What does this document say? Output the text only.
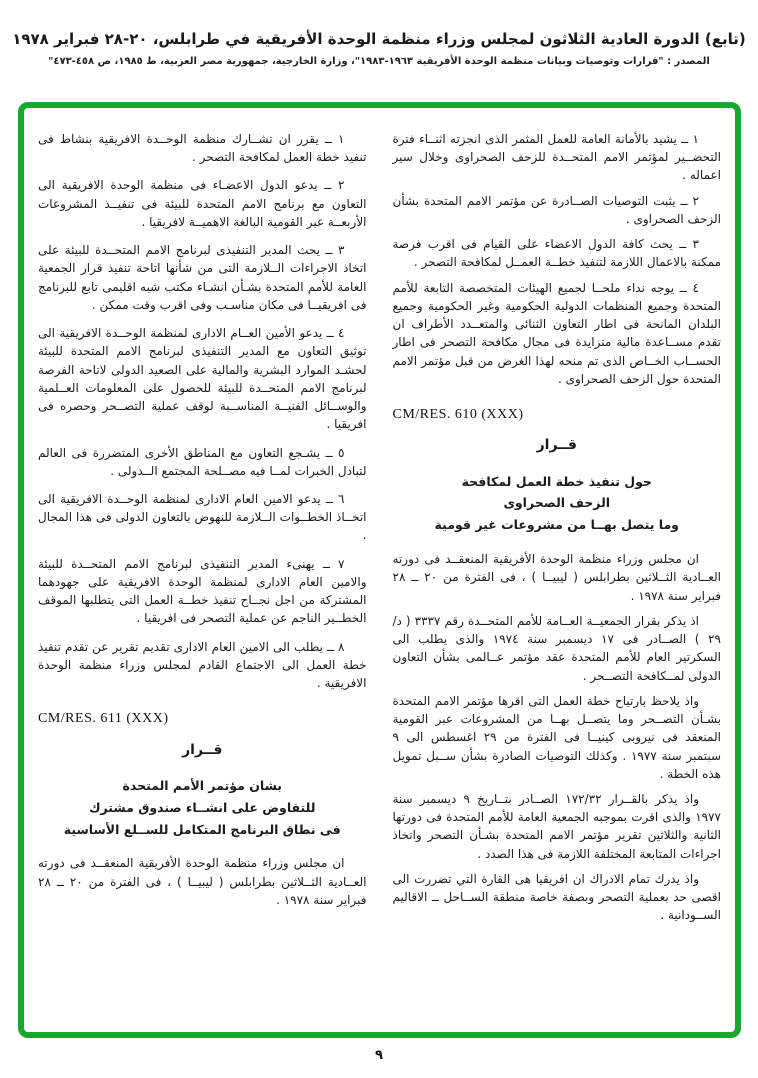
(تابع) الدورة العادية الثلاثون لمجلس وزراء منظمة الوحدة الأفريقية في طرابلس، ٢٠-٢٨ فبراير ١٩٧٨
المصدر : "قرارات وتوصيات وبيانات منظمة الوحدة الأفريقية ١٩٦٣-١٩٨٣"، وزارة الخارجية، جمهورية مصر العربية، ط ١٩٨٥، ص ٤٥٨-٤٧٣"

١ ــ يشيد بالأمانة العامة للعمل المثمر الذى انجزته اثنــاء فترة التحضــير لمؤتمر الامم المتحــدة للزحف الصحراوى وخلال سير اعماله .

٢ ــ يثبت التوصيات الصــادرة عن مؤتمر الامم المتحدة بشأن الزحف الصحراوى .

٣ ــ يحث كافة الدول الاعضاء على القيام فى اقرب فرصة ممكنة بالاعمال اللازمة لتنفيذ خطــة العمــل لمكافحة التصحر .

٤ ــ يوجه نداء ملحــا لجميع الهيئات المتخصصة التابعة للأمم المتحدة وجميع المنظمات الدولية الحكومية وغير الحكومية وجميع البلدان المانحة فى اطار التعاون الثنائى والمتعــدد الأطراف ان تقدم مســاعدة مالية متزايدة فى مجال مكافحة التصحر فى اطار الحســاب الخــاص الذى تم منحه لهذا الغرض من قبل مؤتمر الامم المتحدة حول الزحف الصحراوى .

CM/RES. 610 (XXX)
قــرار
حول تنفيذ خطة العمل لمكافحة
الزحف الصحراوى
وما يتصل بهــا من مشروعات غير قومية

ان مجلس وزراء منظمة الوحدة الأفريقية المنعقــد فى دورته العــادية الثــلاثين بطرابلس ( ليبيــا ) ، فى الفترة من ٢٠ ــ ٢٨ فبراير سنة ١٩٧٨ .

اذ يذكر بقرار الجمعيــة العــامة للأمم المتحــدة رقم ٣٣٣٧ ( د/٢٩ ) الصــادر فى ١٧ ديسمبر سنة ١٩٧٤ والذى يطلب الى السكرتير العام للأمم المتحدة عقد مؤتمر عــالمى بشأن التعاون الدولى لمــكافحة التصــحر .

واذ يلاحظ بارتياح خطة العمل التى اقرها مؤتمر الامم المتحدة بشـأن التصــحر وما يتصــل بهــا من المشروعات عبر القومية المنعقد فى نيروبى كينيــا فى الفترة من ٢٩ اغسطس الى ٩ سبتمبر سنة ١٩٧٧ . وكذلك التوصيات الصادرة بشأن ســبل تمويل هذه الخطة .

واذ يذكر بالقــرار ١٧٢/٣٢ الصــادر بتــاريخ ٩ ديسمبر سنة ١٩٧٧ والذى اقرت بموجبه الجمعية العامة للأمم المتحدة فى دورتها الثانية والثلاثين تقرير مؤتمر الامم المتحدة بشـأن التصحر واتخاذ اجراءات المتابعة المختلفة اللازمة فى هذا الصدد .

واذ يدرك تمام الادراك ان افريقيا هى القارة التي تضررت الى اقصى حد بعملية التصحر وبصفة خاصة منطقة الســاحل ــ الاقاليم الســودانية .

١ ــ يقرر ان تشــارك منظمة الوحــدة الافريقية بنشاط فى تنفيذ خطة العمل لمكافحة التصحر .

٢ ــ يدعو الدول الاعضـاء فى منظمة الوحدة الافريقية الى التعاون مع برنامج الامم المتحدة للبيئة فى تنفيــذ المشروعات الأربعــة عبر القومية البالغة الاهميــة لافريقيا .

٣ ــ يحث المدير التنفيذى لبرنامج الامم المتحــدة للبيئة على اتخاذ الاجراءات الــلازمة التى من شأنها اتاحة تنفيذ قرار الجمعية العامة للأمم المتحدة بشـأن انشـاء مكتب شبه اقليمى تابع للبرنامج فى افريقيــا فى مكان مناسـب وفى اقرب وقت ممكن .

٤ ــ يدعو الأمين العــام الادارى لمنظمة الوحــدة الافريقية الى توثيق التعاون مع المدير التنفيذى لبرنامج الامم المتحدة للبيئة لحشـد الموارد البشرية والمالية على الصعيد الدولى لاتاحة الفرصة لبرنامج الامم المتحــدة للبيئة للحصول على المعلومات العــلمية والوســائل الفنيــة المناســبة لوقف عملية التصــحر وحصره فى افريقيا .

٥ ــ يشـجع التعاون مع المناطق الأخرى المتضررة فى العالم لتبادل الخبرات لمــا فيه مصــلحة المجتمع الــدولى .

٦ ــ يدعو الامين العام الادارى لمنظمة الوحــدة الافريقية الى اتخــاذ الخطــوات الــلازمة للنهوض بالتعاون الدولى فى هذا المجال .

٧ ــ يهنىء المدير التنفيذى لبرنامج الامم المتحــدة للبيئة والامين العام الادارى لمنظمة الوحدة الافريقية على جهودهما المشتركة من اجل نجــاح تنفيذ خطــة العمل التى يتطلبها الموقف الخطــير الناجم عن عملية التصحر فى افريقيا .

٨ ــ يطلب الى الامين العام الادارى تقديم تقرير عن تقدم تنفيذ خطة العمل الى الاجتماع القادم لمجلس وزراء منظمة الوحدة الافريقية .

CM/RES. 611 (XXX)
قــرار
بشان مؤتمر الأمم المتحدة
للتفاوض على انشــاء صندوق مشترك
فى نطاق البرنامج المتكامل للســلع الأساسية

ان مجلس وزراء منظمة الوحدة الأفريقية المنعقــد فى دورته العــادية الثــلاثين بطرابلس ( ليبيــا ) ، فى الفترة من ٢٠ ــ ٢٨ فبراير سنة ١٩٧٨ .

٩
